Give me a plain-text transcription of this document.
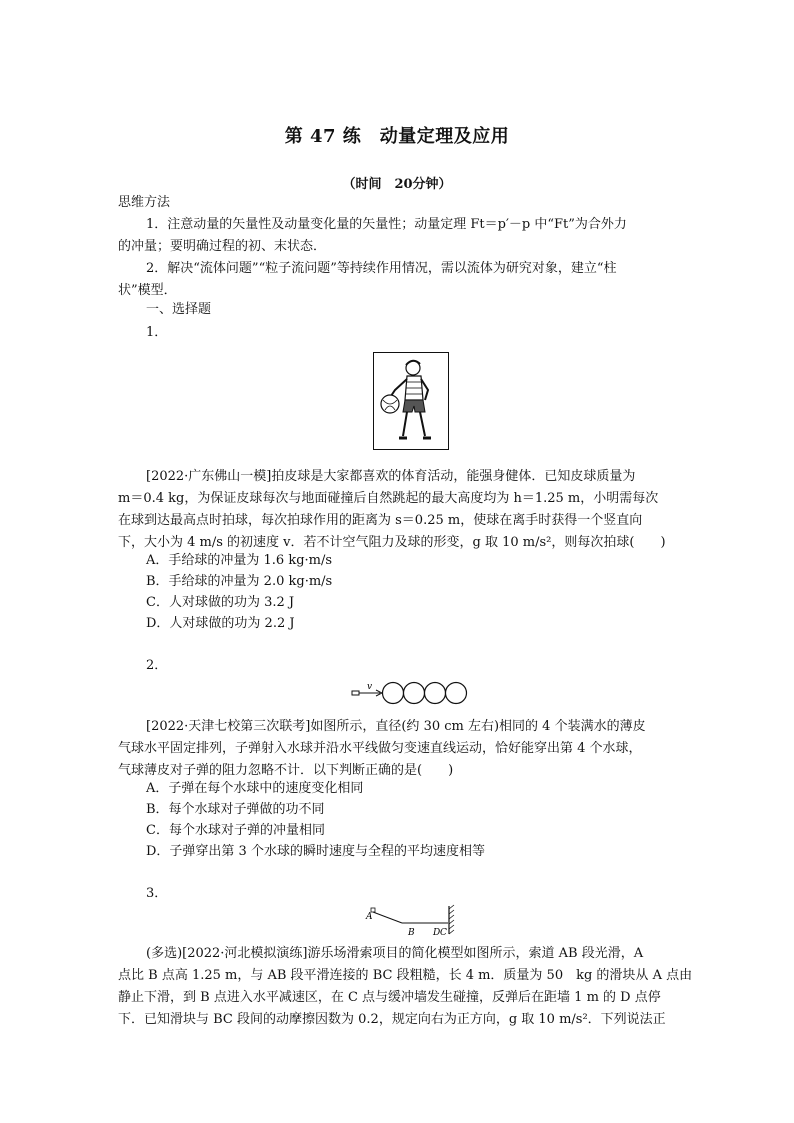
第 47 练　动量定理及应用
（时间　20分钟）
思维方法
1．注意动量的矢量性及动量变化量的矢量性；动量定理 Ft＝p′－p 中“Ft”为合外力
的冲量；要明确过程的初、末状态．
2．解决“流体问题”“粒子流问题”等持续作用情况，需以流体为研究对象，建立“柱
状”模型．
一、选择题
1．
[2022·广东佛山一模]拍皮球是大家都喜欢的体育活动，能强身健体．已知皮球质量为
m＝0.4 kg，为保证皮球每次与地面碰撞后自然跳起的最大高度均为 h＝1.25 m，小明需每次
在球到达最高点时拍球，每次拍球作用的距离为 s＝0.25 m，使球在离手时获得一个竖直向
下，大小为 4 m/s 的初速度 v．若不计空气阻力及球的形变，g 取 10 m/s²，则每次拍球(　　)
A．手给球的冲量为 1.6 kg·m/s
B．手给球的冲量为 2.0 kg·m/s
C．人对球做的功为 3.2 J
D．人对球做的功为 2.2 J
2．
v
[2022·天津七校第三次联考]如图所示，直径(约 30 cm 左右)相同的 4 个装满水的薄皮
气球水平固定排列，子弹射入水球并沿水平线做匀变速直线运动，恰好能穿出第 4 个水球，
气球薄皮对子弹的阻力忽略不计．以下判断正确的是(　　)
A．子弹在每个水球中的速度变化相同
B．每个水球对子弹做的功不同
C．每个水球对子弹的冲量相同
D．子弹穿出第 3 个水球的瞬时速度与全程的平均速度相等
3．
A
B D C
(多选)[2022·河北模拟演练]游乐场滑索项目的简化模型如图所示，索道 AB 段光滑，A
点比 B 点高 1.25 m，与 AB 段平滑连接的 BC 段粗糙，长 4 m．质量为 50　kg 的滑块从 A 点由
静止下滑，到 B 点进入水平减速区，在 C 点与缓冲墙发生碰撞，反弹后在距墙 1 m 的 D 点停
下．已知滑块与 BC 段间的动摩擦因数为 0.2，规定向右为正方向，g 取 10 m/s²．下列说法正
